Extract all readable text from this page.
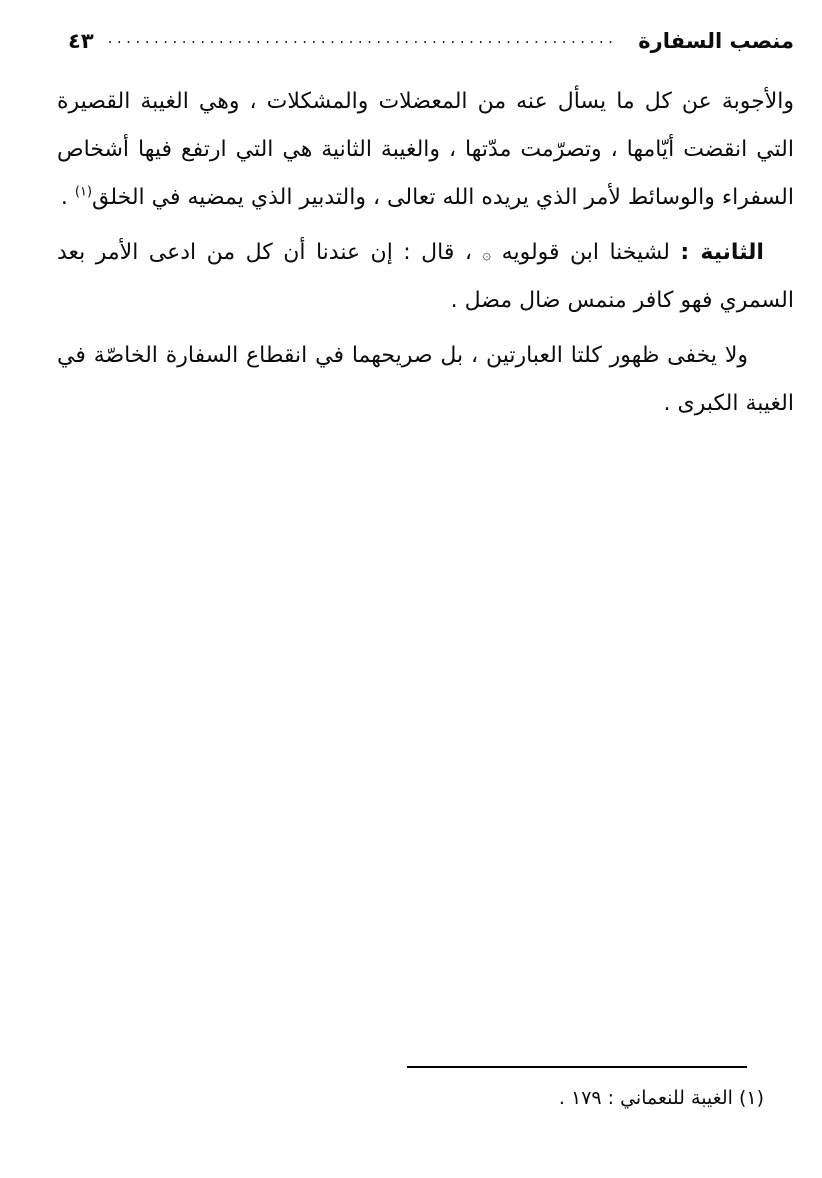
منصب السفارة
.......................................................
٤٣

والأجوبة عن كل ما يسأل عنه من المعضلات والمشكلات ، وهي الغيبة القصيرة التي انقضت أيّامها ، وتصرّمت مدّتها ، والغيبة الثانية هي التي ارتفع فيها أشخاص السفراء والوسائط لأمر الذي يريده الله تعالى ، والتدبير الذي يمضيه في الخلق$^{(١)}$ .

الثانية : لشيخنا ابن قولويه ۞ ، قال : إن عندنا أن كل من ادعى الأمر بعد السمري فهو كافر منمس ضال مضل .

ولا يخفى ظهور كلتا العبارتين ، بل صريحهما في انقطاع السفارة الخاصّة في الغيبة الكبرى .

(١) الغيبة للنعماني : ١٧٩ .
